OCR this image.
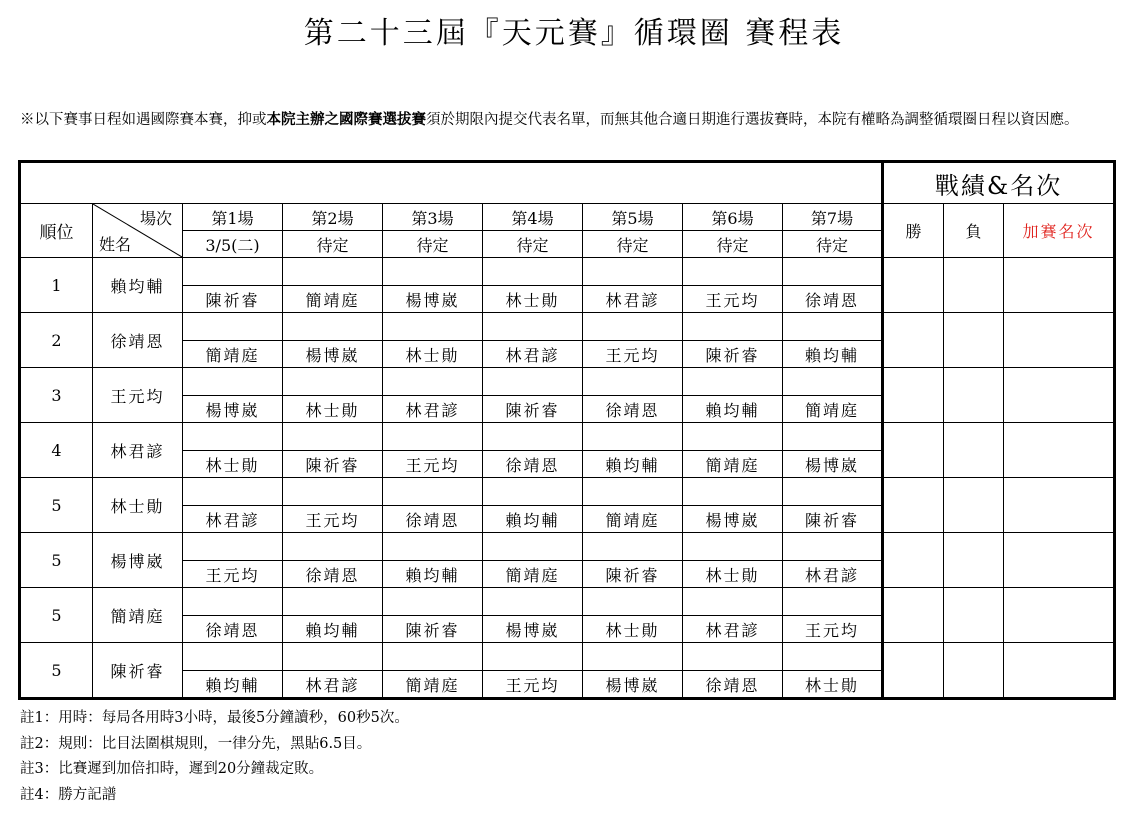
第二十三屆『天元賽』循環圈 賽程表
※以下賽事日程如遇國際賽本賽，抑或本院主辦之國際賽選拔賽須於期限內提交代表名單，而無其他合適日期進行選拔賽時，本院有權略為調整循環圈日程以資因應。
									戰績&名次		
順位	場次
姓名	第1場	第2場	第3場	第4場	第5場	第6場	第7場	勝	負	加賽名次
		3/5(二)	待定	待定	待定	待定	待定	待定			
1	賴均輔										
		陳祈睿	簡靖庭	楊博崴	林士勛	林君諺	王元均	徐靖恩			
2	徐靖恩										
		簡靖庭	楊博崴	林士勛	林君諺	王元均	陳祈睿	賴均輔			
3	王元均										
		楊博崴	林士勛	林君諺	陳祈睿	徐靖恩	賴均輔	簡靖庭			
4	林君諺										
		林士勛	陳祈睿	王元均	徐靖恩	賴均輔	簡靖庭	楊博崴			
5	林士勛										
		林君諺	王元均	徐靖恩	賴均輔	簡靖庭	楊博崴	陳祈睿			
5	楊博崴										
		王元均	徐靖恩	賴均輔	簡靖庭	陳祈睿	林士勛	林君諺			
5	簡靖庭										
		徐靖恩	賴均輔	陳祈睿	楊博崴	林士勛	林君諺	王元均			
5	陳祈睿										
		賴均輔	林君諺	簡靖庭	王元均	楊博崴	徐靖恩	林士勛			
註1：用時：每局各用時3小時，最後5分鐘讀秒，60秒5次。
註2：規則：比目法圍棋規則，一律分先，黑貼6.5目。
註3：比賽遲到加倍扣時，遲到20分鐘裁定敗。
註4：勝方記譜
